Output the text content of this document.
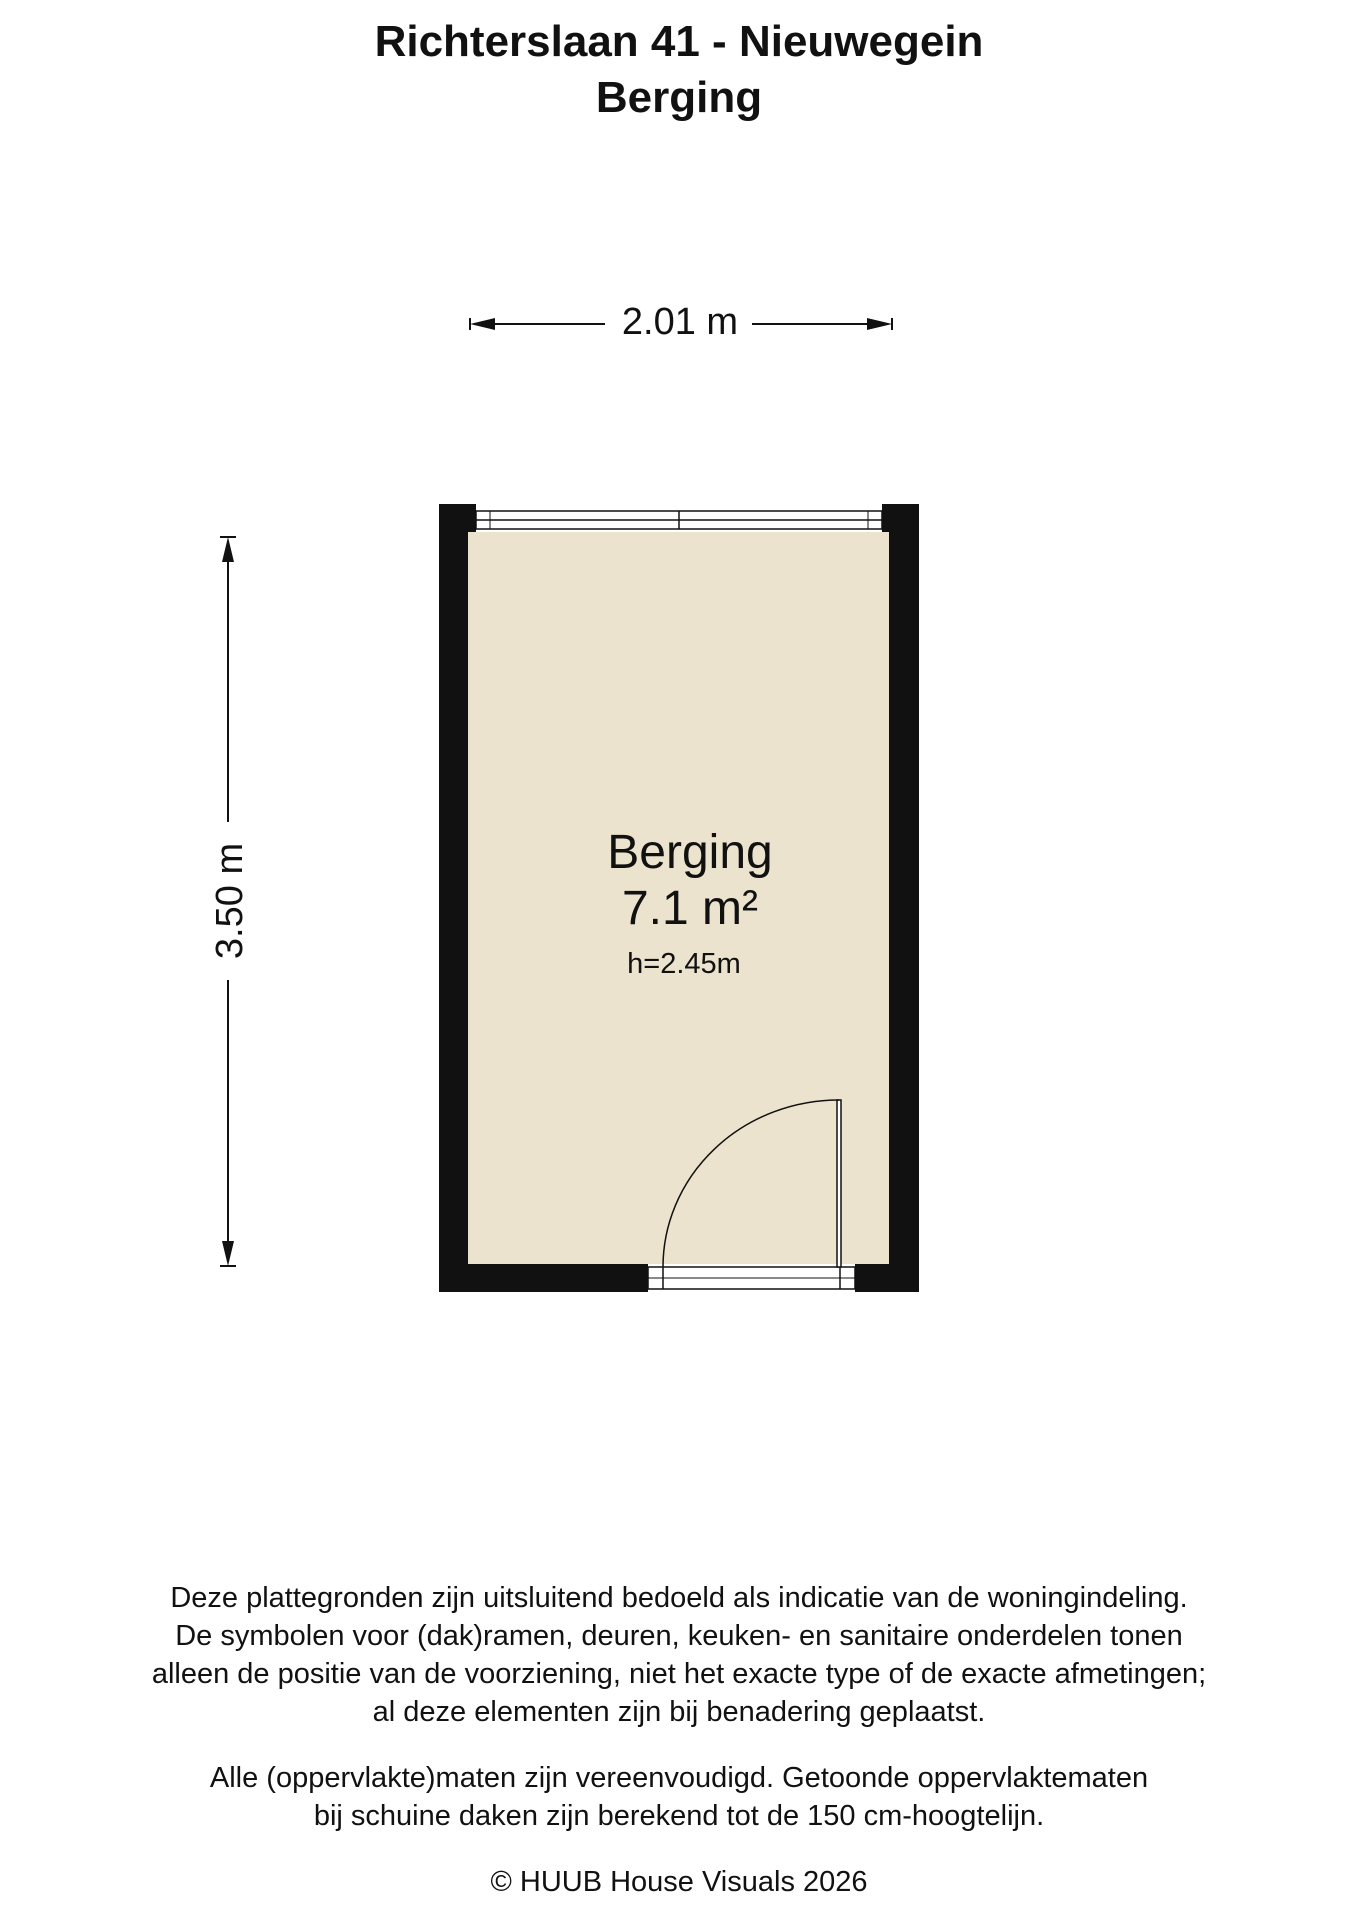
Richterslaan 41 - Nieuwegein
Berging
2.01 m
3.50 m	Berging
7.1 m²
h=2.45m
Deze plattegronden zijn uitsluitend bedoeld als indicatie van de woningindeling.
De symbolen voor (dak)ramen, deuren, keuken- en sanitaire onderdelen tonen
alleen de positie van de voorziening, niet het exacte type of de exacte afmetingen;
al deze elementen zijn bij benadering geplaatst.
Alle (oppervlakte)maten zijn vereenvoudigd. Getoonde oppervlaktematen
bij schuine daken zijn berekend tot de 150 cm-hoogtelijn.
© HUUB House Visuals 2026
